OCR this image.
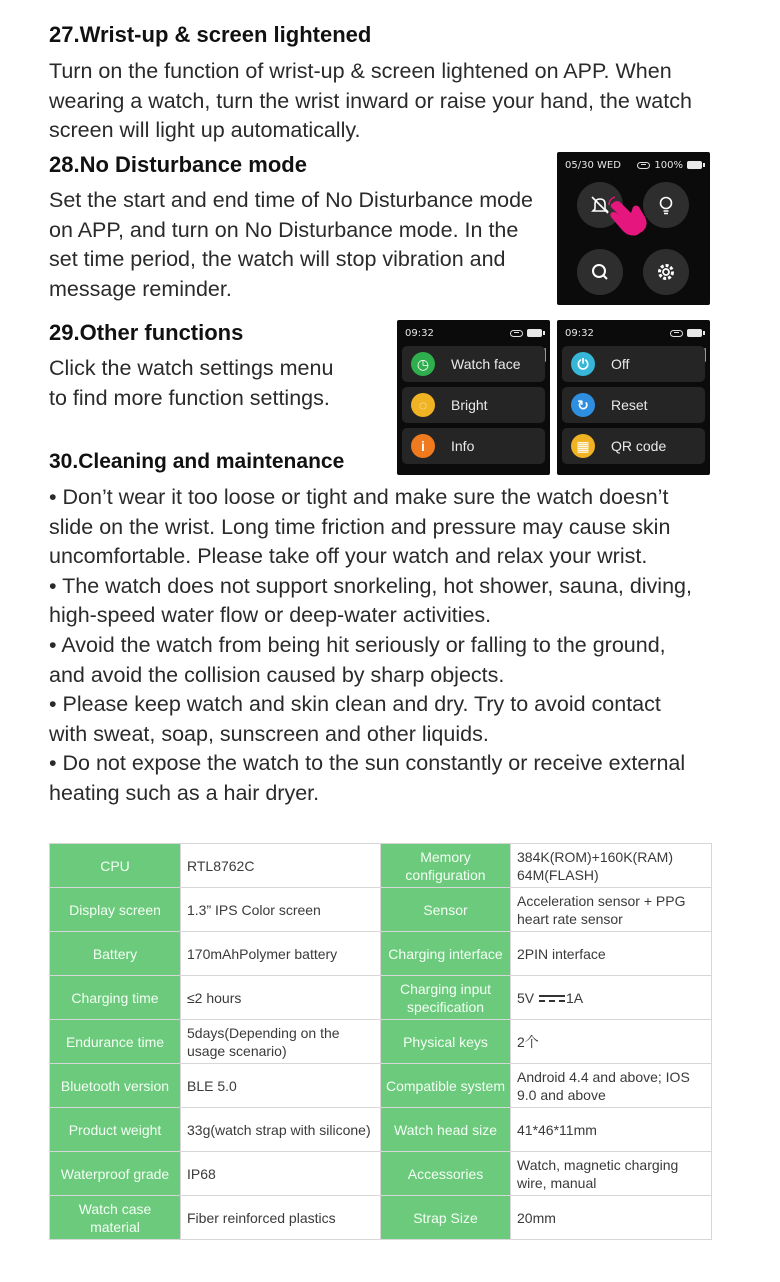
27.Wrist-up & screen lightened
Turn on the function of wrist-up & screen lightened on APP. When
wearing a watch, turn the wrist inward or raise your hand, the watch
screen will light up automatically.
28.No Disturbance mode
Set the start and end time of No Disturbance mode
on APP, and turn on No Disturbance mode. In the
set time period, the watch will stop vibration and
message reminder.
05/30 WED	100%
29.Other functions
Click the watch settings menu
to find more function settings.
09:32
◷	Watch face
◌	Bright
i	Info
09:32
⏻	Off
↻	Reset
▦	QR code
30.Cleaning and maintenance
• Don’t wear it too loose or tight and make sure the watch doesn’t
slide on the wrist. Long time friction and pressure may cause skin
uncomfortable. Please take off your watch and relax your wrist.
• The watch does not support snorkeling, hot shower, sauna, diving,
high-speed water flow or deep-water activities.
• Avoid the watch from being hit seriously or falling to the ground,
and avoid the collision caused by sharp objects.
• Please keep watch and skin clean and dry. Try to avoid contact
with sweat, soap, sunscreen and other liquids.
• Do not expose the watch to the sun constantly or receive external
heating such as a hair dryer.
CPU	RTL8762C	Memory configuration	384K(ROM)+160K(RAM) 64M(FLASH)
Display screen	1.3” IPS Color screen	Sensor	Acceleration sensor + PPG heart rate sensor
Battery	170mAhPolymer battery	Charging interface	2PIN interface
Charging time	≤2 hours	Charging input specification	5V 1A
Endurance time	5days(Depending on the usage scenario)	Physical keys	2个
Bluetooth version	BLE 5.0	Compatible system	Android 4.4 and above; IOS 9.0 and above
Product weight	33g(watch strap with silicone)	Watch head size	41*46*11mm
Waterproof grade	IP68	Accessories	Watch, magnetic charging wire, manual
Watch case material	Fiber reinforced plastics	Strap Size	20mm
